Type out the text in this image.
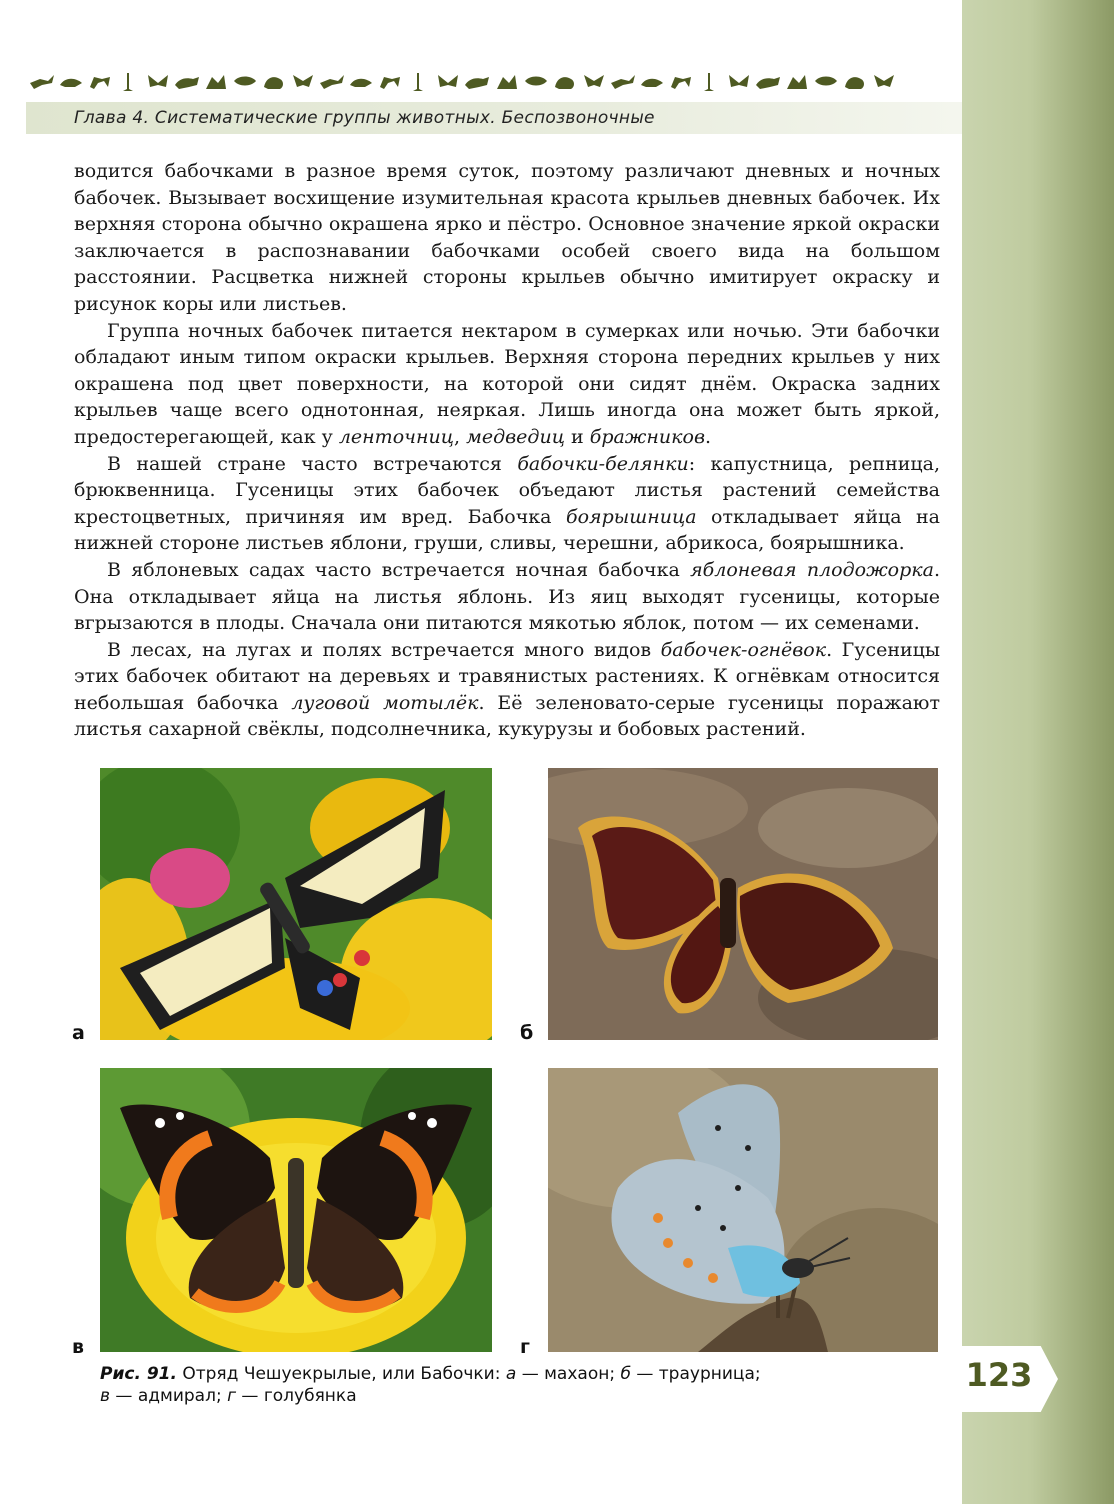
Глава 4. Систематические группы животных. Беспозвоночные

водится бабочками в разное время суток, поэтому различают дневных и ночных бабочек. Вызывает восхищение изумительная красота крыльев дневных бабочек. Их верхняя сторона обычно окрашена ярко и пёстро. Основное значение яркой окраски заключается в распознавании бабочками особей своего вида на большом расстоянии. Расцветка нижней стороны крыльев обычно имитирует окраску и рисунок коры или листьев.

Группа ночных бабочек питается нектаром в сумерках или ночью. Эти бабочки обладают иным типом окраски крыльев. Верхняя сторона передних крыльев у них окрашена под цвет поверхности, на которой они сидят днём. Окраска задних крыльев чаще всего однотонная, неяркая. Лишь иногда она может быть яркой, предостерегающей, как у ленточниц, медведиц и бражников.

В нашей стране часто встречаются бабочки-белянки: капустница, репница, брюквенница. Гусеницы этих бабочек объедают листья растений семейства крестоцветных, причиняя им вред. Бабочка боярышница откладывает яйца на нижней стороне листьев яблони, груши, сливы, черешни, абрикоса, боярышника.

В яблоневых садах часто встречается ночная бабочка яблоневая плодожорка. Она откладывает яйца на листья яблонь. Из яиц выходят гусеницы, которые вгрызаются в плоды. Сначала они питаются мякотью яблок, потом — их семенами.

В лесах, на лугах и полях встречается много видов бабочек-огнёвок. Гусеницы этих бабочек обитают на деревьях и травянистых растениях. К огнёвкам относится небольшая бабочка луговой мотылёк. Её зеленовато-серые гусеницы поражают листья сахарной свёклы, подсолнечника, кукурузы и бобовых растений.

а	б
в	г
Рис. 91. Отряд Чешуекрылые, или Бабочки: а — махаон; б — траурница;
в — адмирал; г — голубянка
123
